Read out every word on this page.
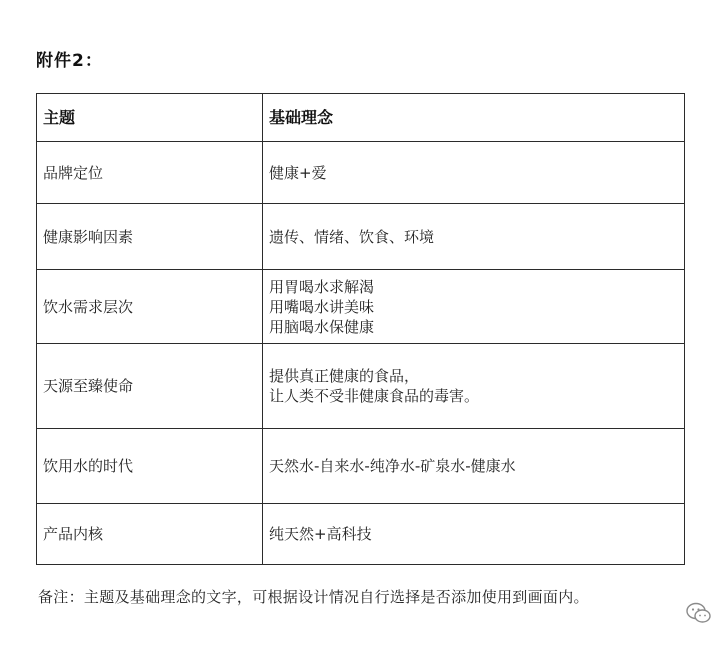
附件2：
主题	基础理念
品牌定位	健康+爱

健康影响因素	遗传、情绪、饮食、环境

饮水需求层次	用胃喝水求解渴
用嘴喝水讲美味
用脑喝水保健康

天源至臻使命	提供真正健康的食品，
让人类不受非健康食品的毒害。

饮用水的时代	天然水-自来水-纯净水-矿泉水-健康水

产品内核	纯天然+高科技
备注：主题及基础理念的文字，可根据设计情况自行选择是否添加使用到画面内。
